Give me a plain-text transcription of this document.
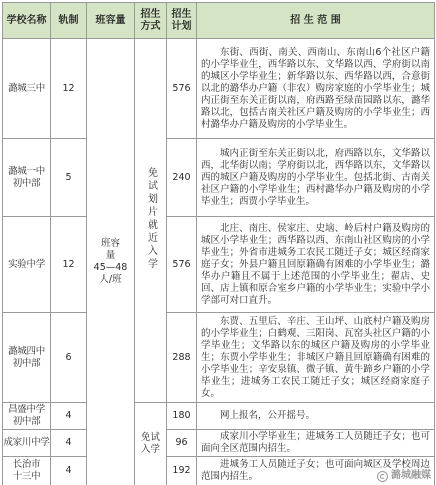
学校名称	轨制	班容量	招生方式	招生计划	招 生 范 围

潞城三中	12	班容
量
45—48
人/班	免试划片就近入学	576	东街、西街、南关、西南山、东南山6个社区户籍的小学毕业生，西华路以东、文华路以西、学府街以南的城区小学毕业生；新华路以东、西华路以西，合意街以北的潞华办户籍（非农）购房家庭的小学毕业生；城内正街至东关正街以南，府西路至绿苗园路以东，潞华路以北，包括古南关社区户籍及购房的小学毕业生；西村潞华办户籍及购房的小学毕业生。

潞城一中
初中部	5			240	城内正街至东关正街以北，府西路以东，文华路以西，北华街以南；学府街以北，西华路以东，文华路以西的城区户籍及购房的小学毕业生。包括北街、古南关社区户籍的小学毕业生；西村潞华办户籍及购房的小学毕业生；西贾小学毕业生。

实验中学	12			576	北庄、南庄、侯家庄、史垴、岭后村户籍及购房的城区小学毕业生；西华路以西、东南山社区购房的小学毕业生；外省市进城务工农民工随迁子女；城区经商家庭子女；外县户籍且回原籍确有困难的小学毕业生；潞华办户籍且不属于上述范围的小学毕业生；翟店、史回、店上镇和原合室乡户籍的小学毕业生；实验中学小学部可对口直升。

潞城四中
初中部	6			288	东贾、五里后、辛庄、王山坪、山底村户籍及购房的小学毕业生；白鹤观、三阳岗、瓦窑头社区户籍的小学毕业生；文华路以东的城区户籍及购房的小学毕业生；东贾小学毕业生；非城区户籍且回原籍确有困难的小学毕业生；辛安泉镇、微子镇、黄牛蹄乡户籍的小学毕业生；进城务工农民工随迁子女；城区经商家庭子女。

昌盛中学
初中部	4		免试入学	180	网上报名，公开摇号。

成家川中学	4			96	成家川小学毕业生；进城务工人员随迁子女；也可面向全区范围内招生。

长治市
十三中	4			192	进城务工人员随迁子女；也可面向城区及学校周边范围内招生。	潞城融媒
